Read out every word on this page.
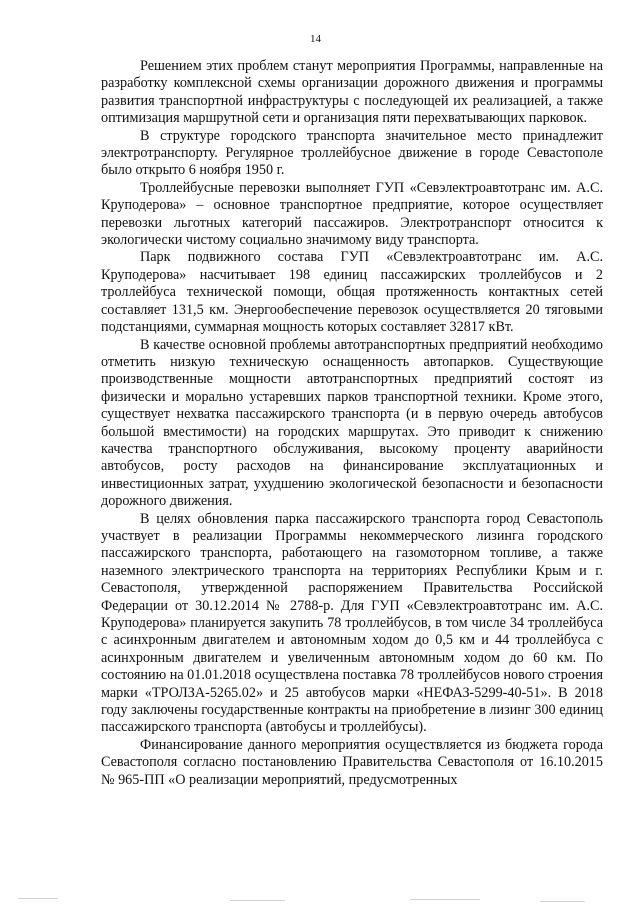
14

Решением этих проблем станут мероприятия Программы, направленные на разработку комплексной схемы организации дорожного движения и программы развития транспортной инфраструктуры с последующей их реализацией, а также оптимизация маршрутной сети и организация пяти перехватывающих парковок.

В структуре городского транспорта значительное место принадлежит электротранспорту. Регулярное троллейбусное движение в городе Севастополе было открыто 6 ноября 1950 г.

Троллейбусные перевозки выполняет ГУП «Севэлектроавтотранс им. А.С. Круподерова» – основное транспортное предприятие, которое осуществляет перевозки льготных категорий пассажиров. Электротранспорт относится к экологически чистому социально значимому виду транспорта.

Парк подвижного состава ГУП «Севэлектроавтотранс им. А.С. Круподерова» насчитывает 198 единиц пассажирских троллейбусов и 2 троллейбуса технической помощи, общая протяженность контактных сетей составляет 131,5 км. Энергообеспечение перевозок осуществляется 20 тяговыми подстанциями, суммарная мощность которых составляет 32817 кВт.

В качестве основной проблемы автотранспортных предприятий необходимо отметить низкую техническую оснащенность автопарков. Существующие производственные мощности автотранспортных предприятий состоят из физически и морально устаревших парков транспортной техники. Кроме этого, существует нехватка пассажирского транспорта (и в первую очередь автобусов большой вместимости) на городских маршрутах. Это приводит к снижению качества транспортного обслуживания, высокому проценту аварийности автобусов, росту расходов на финансирование эксплуатационных и инвестиционных затрат, ухудшению экологической безопасности и безопасности дорожного движения.

В целях обновления парка пассажирского транспорта город Севастополь участвует в реализации Программы некоммерческого лизинга городского пассажирского транспорта, работающего на газомоторном топливе, а также наземного электрического транспорта на территориях Республики Крым и г. Севастополя, утвержденной распоряжением Правительства Российской Федерации от 30.12.2014 № 2788-р. Для ГУП «Севэлектроавтотранс им. А.С. Круподерова» планируется закупить 78 троллейбусов, в том числе 34 троллейбуса с асинхронным двигателем и автономным ходом до 0,5 км и 44 троллейбуса с асинхронным двигателем и увеличенным автономным ходом до 60 км. По состоянию на 01.01.2018 осуществлена поставка 78 троллейбусов нового строения марки «ТРОЛЗА-5265.02» и 25 автобусов марки «НЕФАЗ-5299-40-51». В 2018 году заключены государственные контракты на приобретение в лизинг 300 единиц пассажирского транспорта (автобусы и троллейбусы).

Финансирование данного мероприятия осуществляется из бюджета города Севастополя согласно постановлению Правительства Севастополя от 16.10.2015 № 965-ПП «О реализации мероприятий, предусмотренных
